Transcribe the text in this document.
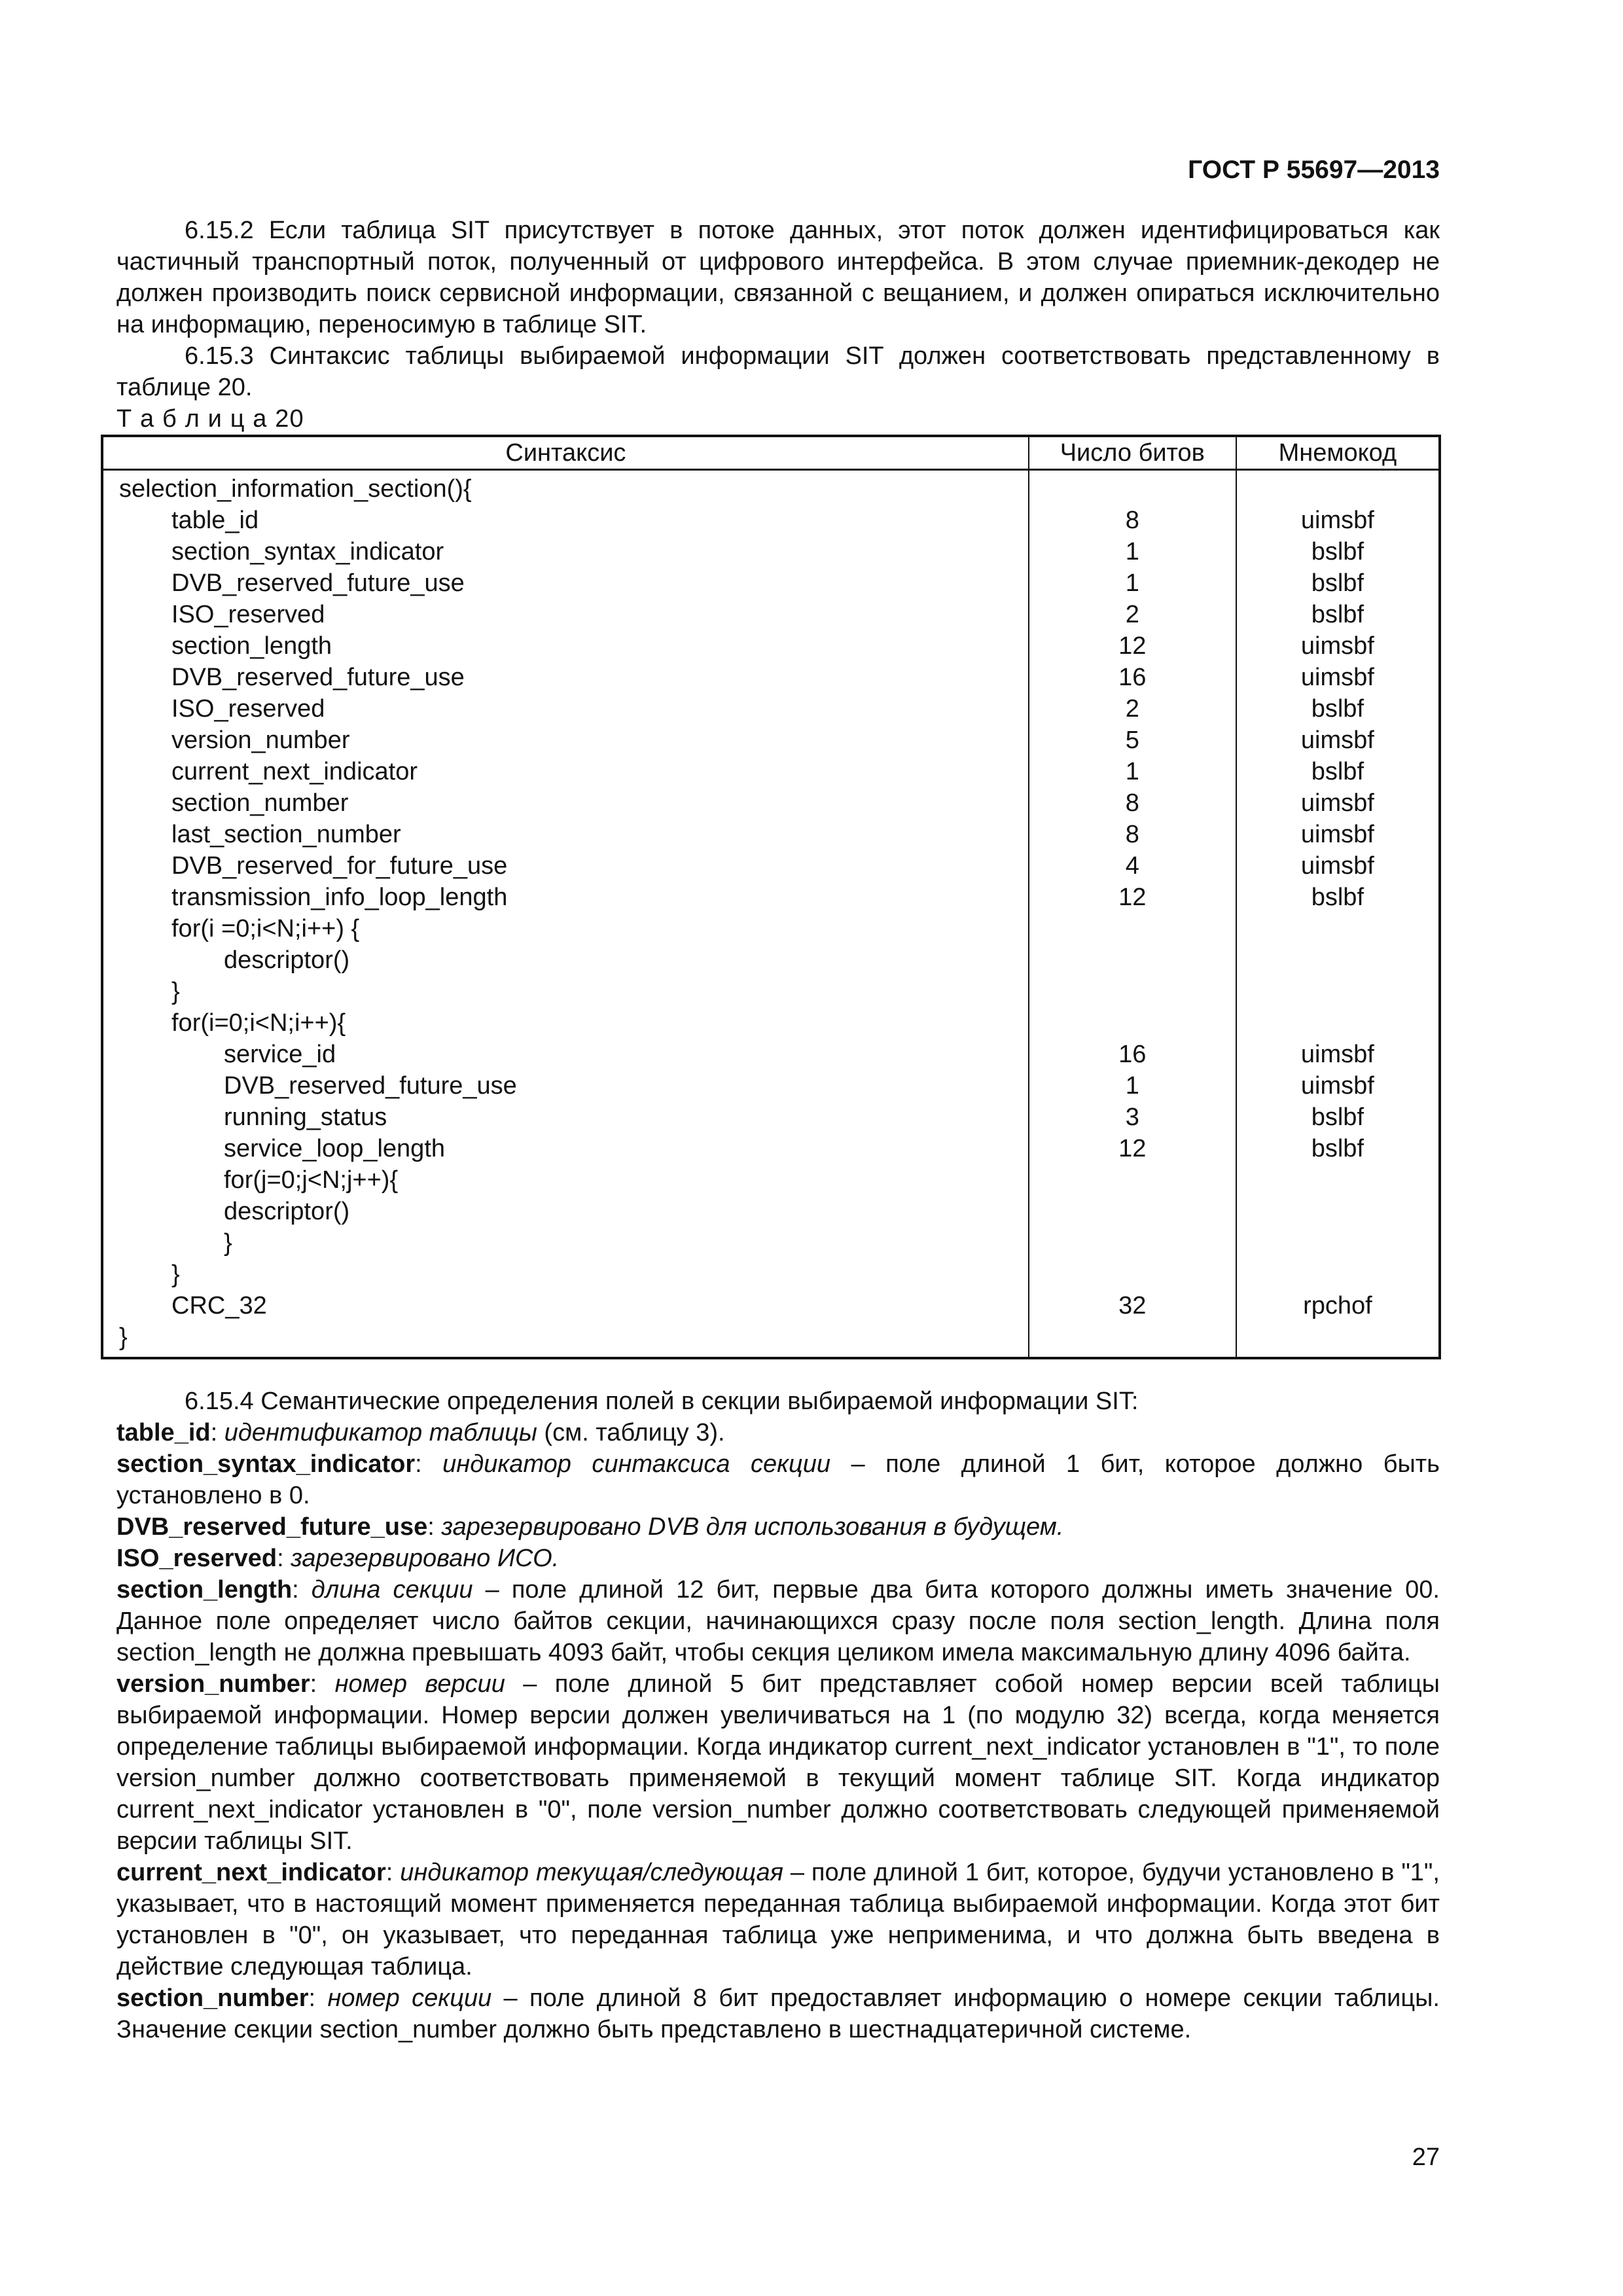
ГОСТ Р 55697—2013

6.15.2 Если таблица SIT присутствует в потоке данных, этот поток должен идентифицироваться как частичный транспортный поток, полученный от цифрового интерфейса. В этом случае приемник-декодер не должен производить поиск сервисной информации, связанной с вещанием, и должен опираться исключительно на информацию, переносимую в таблице SIT.

6.15.3 Синтаксис таблицы выбираемой информации SIT должен соответствовать представленному в таблице 20.

Т а б л и ц а 20

Синтаксис	Число битов	Мнемокод
selection_information_section(){		
table_id	8	uimsbf
section_syntax_indicator	1	bslbf
DVB_reserved_future_use	1	bslbf
ISO_reserved	2	bslbf
section_length	12	uimsbf
DVB_reserved_future_use	16	uimsbf
ISO_reserved	2	bslbf
version_number	5	uimsbf
current_next_indicator	1	bslbf
section_number	8	uimsbf
last_section_number	8	uimsbf
DVB_reserved_for_future_use	4	uimsbf
transmission_info_loop_length	12	bslbf
for(i =0;i<N;i++) {		
descriptor()		
}		
for(i=0;i<N;i++){		
service_id	16	uimsbf
DVB_reserved_future_use	1	uimsbf
running_status	3	bslbf
service_loop_length	12	bslbf
for(j=0;j<N;j++){		
descriptor()		
}		
}		
CRC_32	32	rpchof
}		

6.15.4 Семантические определения полей в секции выбираемой информации SIT:

table_id: идентификатор таблицы (см. таблицу 3).

section_syntax_indicator: индикатор синтаксиса секции – поле длиной 1 бит, которое должно быть установлено в 0.

DVB_reserved_future_use: зарезервировано DVB для использования в будущем.

ISO_reserved: зарезервировано ИСО.

section_length: длина секции – поле длиной 12 бит, первые два бита которого должны иметь значение 00. Данное поле определяет число байтов секции, начинающихся сразу после поля section_length. Длина поля section_length не должна превышать 4093 байт, чтобы секция целиком имела максимальную длину 4096 байта.

version_number: номер версии – поле длиной 5 бит представляет собой номер версии всей таблицы выбираемой информации. Номер версии должен увеличиваться на 1 (по модулю 32) всегда, когда меняется определение таблицы выбираемой информации. Когда индикатор current_next_indicator установлен в "1", то поле version_number должно соответствовать применяемой в текущий момент таблице SIT. Когда индикатор current_next_indicator установлен в "0", поле version_number должно соответствовать следующей применяемой версии таблицы SIT.

current_next_indicator: индикатор текущая/следующая – поле длиной 1 бит, которое, будучи установлено в "1", указывает, что в настоящий момент применяется переданная таблица выбираемой информации. Когда этот бит установлен в "0", он указывает, что переданная таблица уже неприменима, и что должна быть введена в действие следующая таблица.

section_number: номер секции – поле длиной 8 бит предоставляет информацию о номере секции таблицы. Значение секции section_number должно быть представлено в шестнадцатеричной системе.

27
